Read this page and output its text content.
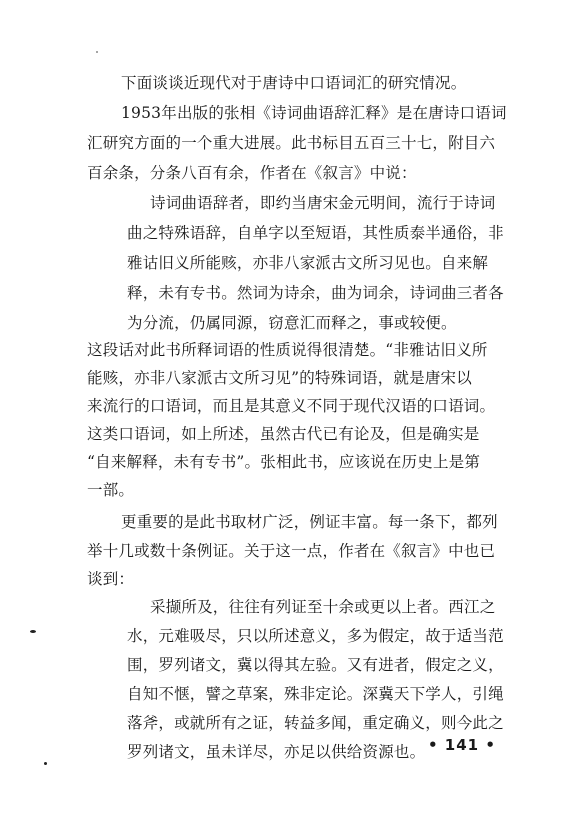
下面谈谈近现代对于唐诗中口语词汇的研究情况。
1953年出版的张相《诗词曲语辞汇释》是在唐诗口语词
汇研究方面的一个重大进展。此书标目五百三十七，附目六
百余条，分条八百有余，作者在《叙言》中说：
诗词曲语辞者，即约当唐宋金元明间，流行于诗词
曲之特殊语辞，自单字以至短语，其性质泰半通俗，非
雅诂旧义所能赅，亦非八家派古文所习见也。自来解
释，未有专书。然词为诗余，曲为词余，诗词曲三者各
为分流，仍属同源，窃意汇而释之，事或较便。
这段话对此书所释词语的性质说得很清楚。“非雅诂旧义所
能赅，亦非八家派古文所习见”的特殊词语，就是唐宋以
来流行的口语词，而且是其意义不同于现代汉语的口语词。
这类口语词，如上所述，虽然古代已有论及，但是确实是
“自来解释，未有专书”。张相此书，应该说在历史上是第
一部。
更重要的是此书取材广泛，例证丰富。每一条下，都列
举十几或数十条例证。关于这一点，作者在《叙言》中也已
谈到：
采撷所及，往往有列证至十余或更以上者。西江之
水，元难吸尽，只以所述意义，多为假定，故于适当范
围，罗列诸文，冀以得其左验。又有进者，假定之义，
自知不惬，譬之草案，殊非定论。深冀天下学人，引绳
落斧，或就所有之证，转益多闻，重定确义，则今此之
罗列诸文，虽未详尽，亦足以供给资源也。 • 141 •
